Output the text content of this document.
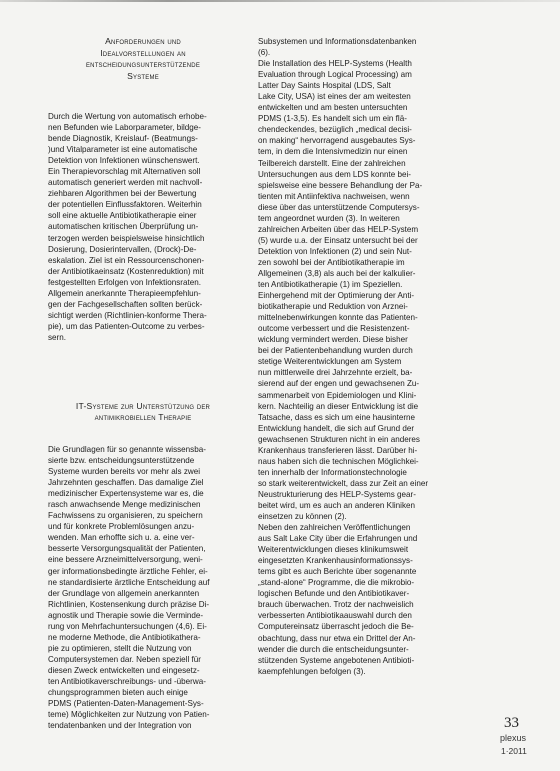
Anforderungen und
Idealvorstellungen an
entscheidungsunterstützende
Systeme

Durch die Wertung von automatisch erhobe-
nen Befunden wie Laborparameter, bildge-
bende Diagnostik, Kreislauf- (Beatmungs-
)und Vitalparameter ist eine automatische
Detektion von Infektionen wünschenswert.
Ein Therapievorschlag mit Alternativen soll
automatisch generiert werden mit nachvoll-
ziehbaren Algorithmen bei der Bewertung
der potentiellen Einflussfaktoren. Weiterhin
soll eine aktuelle Antibiotikatherapie einer
automatischen kritischen Überprüfung un-
terzogen werden beispielsweise hinsichtlich
Dosierung, Dosierintervallen, (Drock)-De-
eskalation. Ziel ist ein Ressourcenschonen-
der Antibiotikaeinsatz (Kostenreduktion) mit
festgestellten Erfolgen von Infektionsraten.
Allgemein anerkannte Therapieempfehlun-
gen der Fachgesellschaften sollten berück-
sichtigt werden (Richtlinien-konforme Thera-
pie), um das Patienten-Outcome zu verbes-
sern.

IT-Systeme zur Unterstützung der
antimikrobiellen Therapie

Die Grundlagen für so genannte wissensba-
sierte bzw. entscheidungsunterstützende
Systeme wurden bereits vor mehr als zwei
Jahrzehnten geschaffen. Das damalige Ziel
medizinischer Expertensysteme war es, die
rasch anwachsende Menge medizinischen
Fachwissens zu organisieren, zu speichern
und für konkrete Problemlösungen anzu-
wenden. Man erhoffte sich u. a. eine ver-
besserte Versorgungsqualität der Patienten,
eine bessere Arzneimittelversorgung, weni-
ger informationsbedingte ärztliche Fehler, ei-
ne standardisierte ärztliche Entscheidung auf
der Grundlage von allgemein anerkannten
Richtlinien, Kostensenkung durch präzise Di-
agnostik und Therapie sowie die Verminde-
rung von Mehrfachuntersuchungen (4,6). Ei-
ne moderne Methode, die Antibiotikathera-
pie zu optimieren, stellt die Nutzung von
Computersystemen dar. Neben speziell für
diesen Zweck entwickelten und eingesetz-
ten Antibiotikaverschreibungs- und -überwa-
chungsprogrammen bieten auch einige
PDMS (Patienten-Daten-Management-Sys-
teme) Möglichkeiten zur Nutzung von Patien-
tendatenbanken und der Integration von

Subsystemen und Informationsdatenbanken
(6).
Die Installation des HELP-Systems (Health
Evaluation through Logical Processing) am
Latter Day Saints Hospital (LDS, Salt
Lake City, USA) ist eines der am weitesten
entwickelten und am besten untersuchten
PDMS (1-3,5). Es handelt sich um ein flä-
chendeckendes, bezüglich „medical decisi-
on making“ hervorragend ausgebautes Sys-
tem, in dem die Intensivmedizin nur einen
Teilbereich darstellt. Eine der zahlreichen
Untersuchungen aus dem LDS konnte bei-
spielsweise eine bessere Behandlung der Pa-
tienten mit Antiinfektiva nachweisen, wenn
diese über das unterstützende Computersys-
tem angeordnet wurden (3). In weiteren
zahlreichen Arbeiten über das HELP-System
(5) wurde u.a. der Einsatz untersucht bei der
Detektion von Infektionen (2) und sein Nut-
zen sowohl bei der Antibiotikatherapie im
Allgemeinen (3,8) als auch bei der kalkulier-
ten Antibiotikatherapie (1) im Speziellen.
Einhergehend mit der Optimierung der Anti-
biotikatherapie und Reduktion von Arznei-
mittelnebenwirkungen konnte das Patienten-
outcome verbessert und die Resistenzent-
wicklung vermindert werden. Diese bisher
bei der Patientenbehandlung wurden durch
stetige Weiterentwicklungen am System
nun mittlerweile drei Jahrzehnte erzielt, ba-
sierend auf der engen und gewachsenen Zu-
sammenarbeit von Epidemiologen und Klini-
kern. Nachteilig an dieser Entwicklung ist die
Tatsache, dass es sich um eine hausinterne
Entwicklung handelt, die sich auf Grund der
gewachsenen Strukturen nicht in ein anderes
Krankenhaus transferieren lässt. Darüber hi-
naus haben sich die technischen Möglichkei-
ten innerhalb der Informationstechnologie
so stark weiterentwickelt, dass zur Zeit an einer
Neustrukturierung des HELP-Systems gear-
beitet wird, um es auch an anderen Kliniken
einsetzen zu können (2).

Neben den zahlreichen Veröffentlichungen
aus Salt Lake City über die Erfahrungen und
Weiterentwicklungen dieses klinikumsweit
eingesetzten Krankenhausinformationssys-
tems gibt es auch Berichte über sogenannte
„stand-alone“ Programme, die die mikrobio-
logischen Befunde und den Antibiotikaver-
brauch überwachen. Trotz der nachweislich
verbesserten Antibiotikaauswahl durch den
Computereinsatz überrascht jedoch die Be-
obachtung, dass nur etwa ein Drittel der An-
wender die durch die entscheidungsunter-
stützenden Systeme angebotenen Antibioti-
kaempfehlungen befolgen (3).

33
plexus
1·2011
